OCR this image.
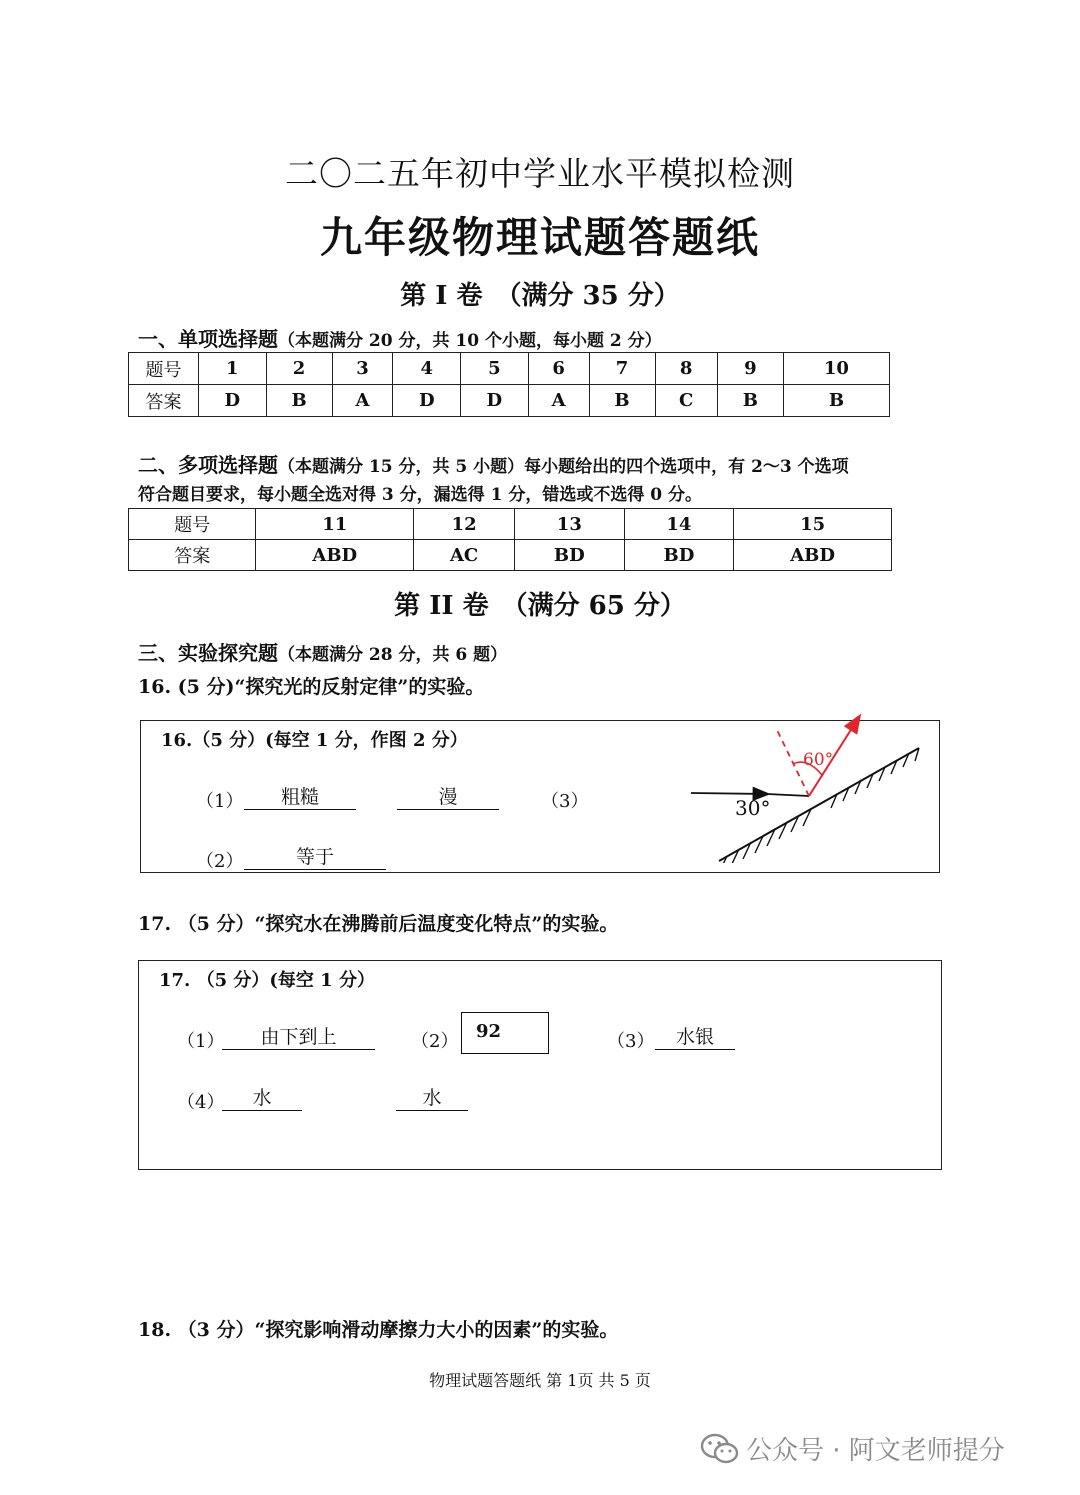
二〇二五年初中学业水平模拟检测
九年级物理试题答题纸
第 I 卷　（满分 35 分）
一、单项选择题（本题满分 20 分，共 10 个小题，每小题 2 分）
题号	1	2	3	4	5	6	7	8	9	10
答案	D	B	A	D	D	A	B	C	B	B
二、多项选择题（本题满分 15 分，共 5 小题）每小题给出的四个选项中，有 2～3 个选项
符合题目要求，每小题全选对得 3 分，漏选得 1 分，错选或不选得 0 分。
题号	11	12	13	14	15
答案	ABD	AC	BD	BD	ABD
第 II 卷　（满分 65 分）
三、实验探究题（本题满分 28 分，共 6 题）
16. (5 分)“探究光的反射定律”的实验。
16.（5 分）(每空 1 分，作图 2 分）
（1）	粗糙	漫	（3）
（2）	等于
60°
30°
17. （5 分）“探究水在沸腾前后温度变化特点”的实验。
17. （5 分）(每空 1 分）
（1）	由下到上	（2） 92	（3）	水银
（4）	水	水
18. （3 分）“探究影响滑动摩擦力大小的因素”的实验。
物理试题答题纸 第 1页 共 5 页
公众号 · 阿文老师提分
